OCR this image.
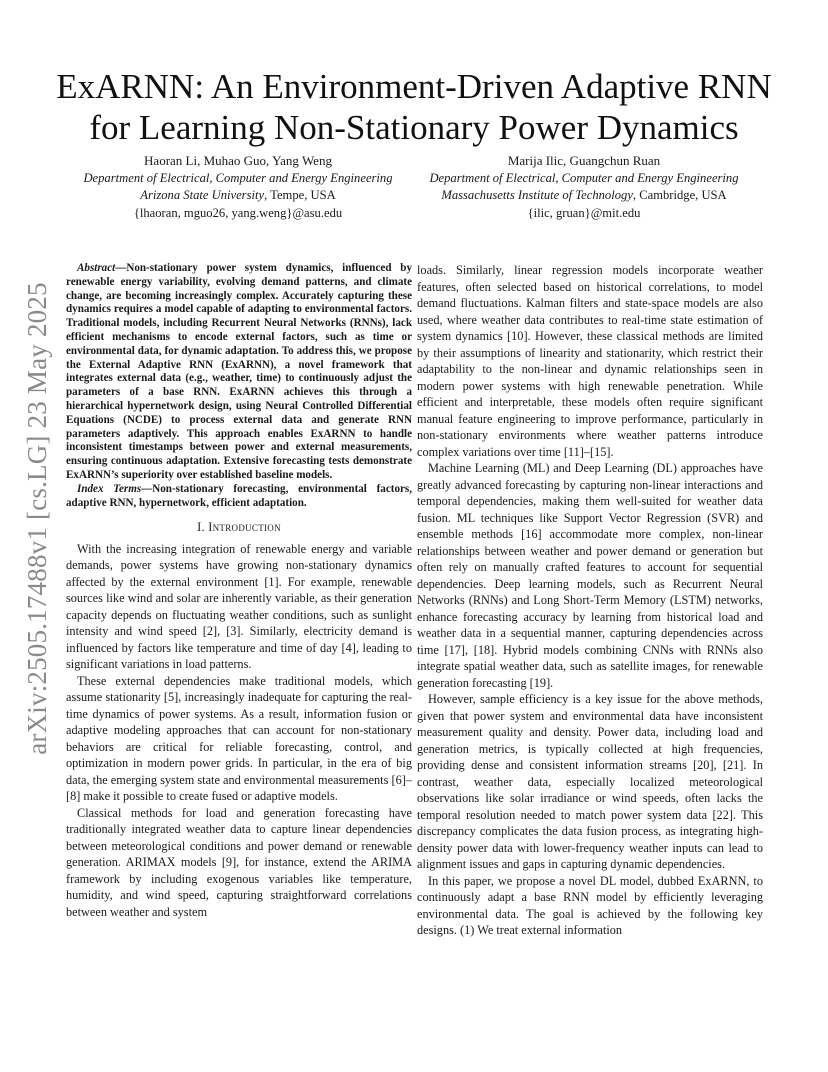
arXiv:2505.17488v1 [cs.LG] 23 May 2025
ExARNN: An Environment-Driven Adaptive RNN
for Learning Non-Stationary Power Dynamics
Haoran Li, Muhao Guo, Yang Weng
Department of Electrical, Computer and Energy Engineering
Arizona State University, Tempe, USA
{lhaoran, mguo26, yang.weng}@asu.edu
Marija Ilic, Guangchun Ruan
Department of Electrical, Computer and Energy Engineering
Massachusetts Institute of Technology, Cambridge, USA
{ilic, gruan}@mit.edu

Abstract—Non-stationary power system dynamics, influenced by renewable energy variability, evolving demand patterns, and climate change, are becoming increasingly complex. Accurately capturing these dynamics requires a model capable of adapting to environmental factors. Traditional models, including Recurrent Neural Networks (RNNs), lack efficient mechanisms to encode external factors, such as time or environmental data, for dynamic adaptation. To address this, we propose the External Adaptive RNN (ExARNN), a novel framework that integrates external data (e.g., weather, time) to continuously adjust the parameters of a base RNN. ExARNN achieves this through a hierarchical hypernetwork design, using Neural Controlled Differential Equations (NCDE) to process external data and generate RNN parameters adaptively. This approach enables ExARNN to handle inconsistent timestamps between power and external measurements, ensuring continuous adaptation. Extensive forecasting tests demonstrate ExARNN’s superiority over established baseline models.

Index Terms—Non-stationary forecasting, environmental factors, adaptive RNN, hypernetwork, efficient adaptation.

I. Introduction

With the increasing integration of renewable energy and variable demands, power systems have growing non-stationary dynamics affected by the external environment [1]. For example, renewable sources like wind and solar are inherently variable, as their generation capacity depends on fluctuating weather conditions, such as sunlight intensity and wind speed [2], [3]. Similarly, electricity demand is influenced by factors like temperature and time of day [4], leading to significant variations in load patterns.

These external dependencies make traditional models, which assume stationarity [5], increasingly inadequate for capturing the real-time dynamics of power systems. As a result, information fusion or adaptive modeling approaches that can account for non-stationary behaviors are critical for reliable forecasting, control, and optimization in modern power grids. In particular, in the era of big data, the emerging system state and environmental measurements [6]–[8] make it possible to create fused or adaptive models.

Classical methods for load and generation forecasting have traditionally integrated weather data to capture linear dependencies between meteorological conditions and power demand or renewable generation. ARIMAX models [9], for instance, extend the ARIMA framework by including exogenous variables like temperature, humidity, and wind speed, capturing straightforward correlations between weather and system

loads. Similarly, linear regression models incorporate weather features, often selected based on historical correlations, to model demand fluctuations. Kalman filters and state-space models are also used, where weather data contributes to real-time state estimation of system dynamics [10]. However, these classical methods are limited by their assumptions of linearity and stationarity, which restrict their adaptability to the non-linear and dynamic relationships seen in modern power systems with high renewable penetration. While efficient and interpretable, these models often require significant manual feature engineering to improve performance, particularly in non-stationary environments where weather patterns introduce complex variations over time [11]–[15].

Machine Learning (ML) and Deep Learning (DL) approaches have greatly advanced forecasting by capturing non-linear interactions and temporal dependencies, making them well-suited for weather data fusion. ML techniques like Support Vector Regression (SVR) and ensemble methods [16] accommodate more complex, non-linear relationships between weather and power demand or generation but often rely on manually crafted features to account for sequential dependencies. Deep learning models, such as Recurrent Neural Networks (RNNs) and Long Short-Term Memory (LSTM) networks, enhance forecasting accuracy by learning from historical load and weather data in a sequential manner, capturing dependencies across time [17], [18]. Hybrid models combining CNNs with RNNs also integrate spatial weather data, such as satellite images, for renewable generation forecasting [19].

However, sample efficiency is a key issue for the above methods, given that power system and environmental data have inconsistent measurement quality and density. Power data, including load and generation metrics, is typically collected at high frequencies, providing dense and consistent information streams [20], [21]. In contrast, weather data, especially localized meteorological observations like solar irradiance or wind speeds, often lacks the temporal resolution needed to match power system data [22]. This discrepancy complicates the data fusion process, as integrating high-density power data with lower-frequency weather inputs can lead to alignment issues and gaps in capturing dynamic dependencies.

In this paper, we propose a novel DL model, dubbed ExARNN, to continuously adapt a base RNN model by efficiently leveraging environmental data. The goal is achieved by the following key designs. (1) We treat external information
